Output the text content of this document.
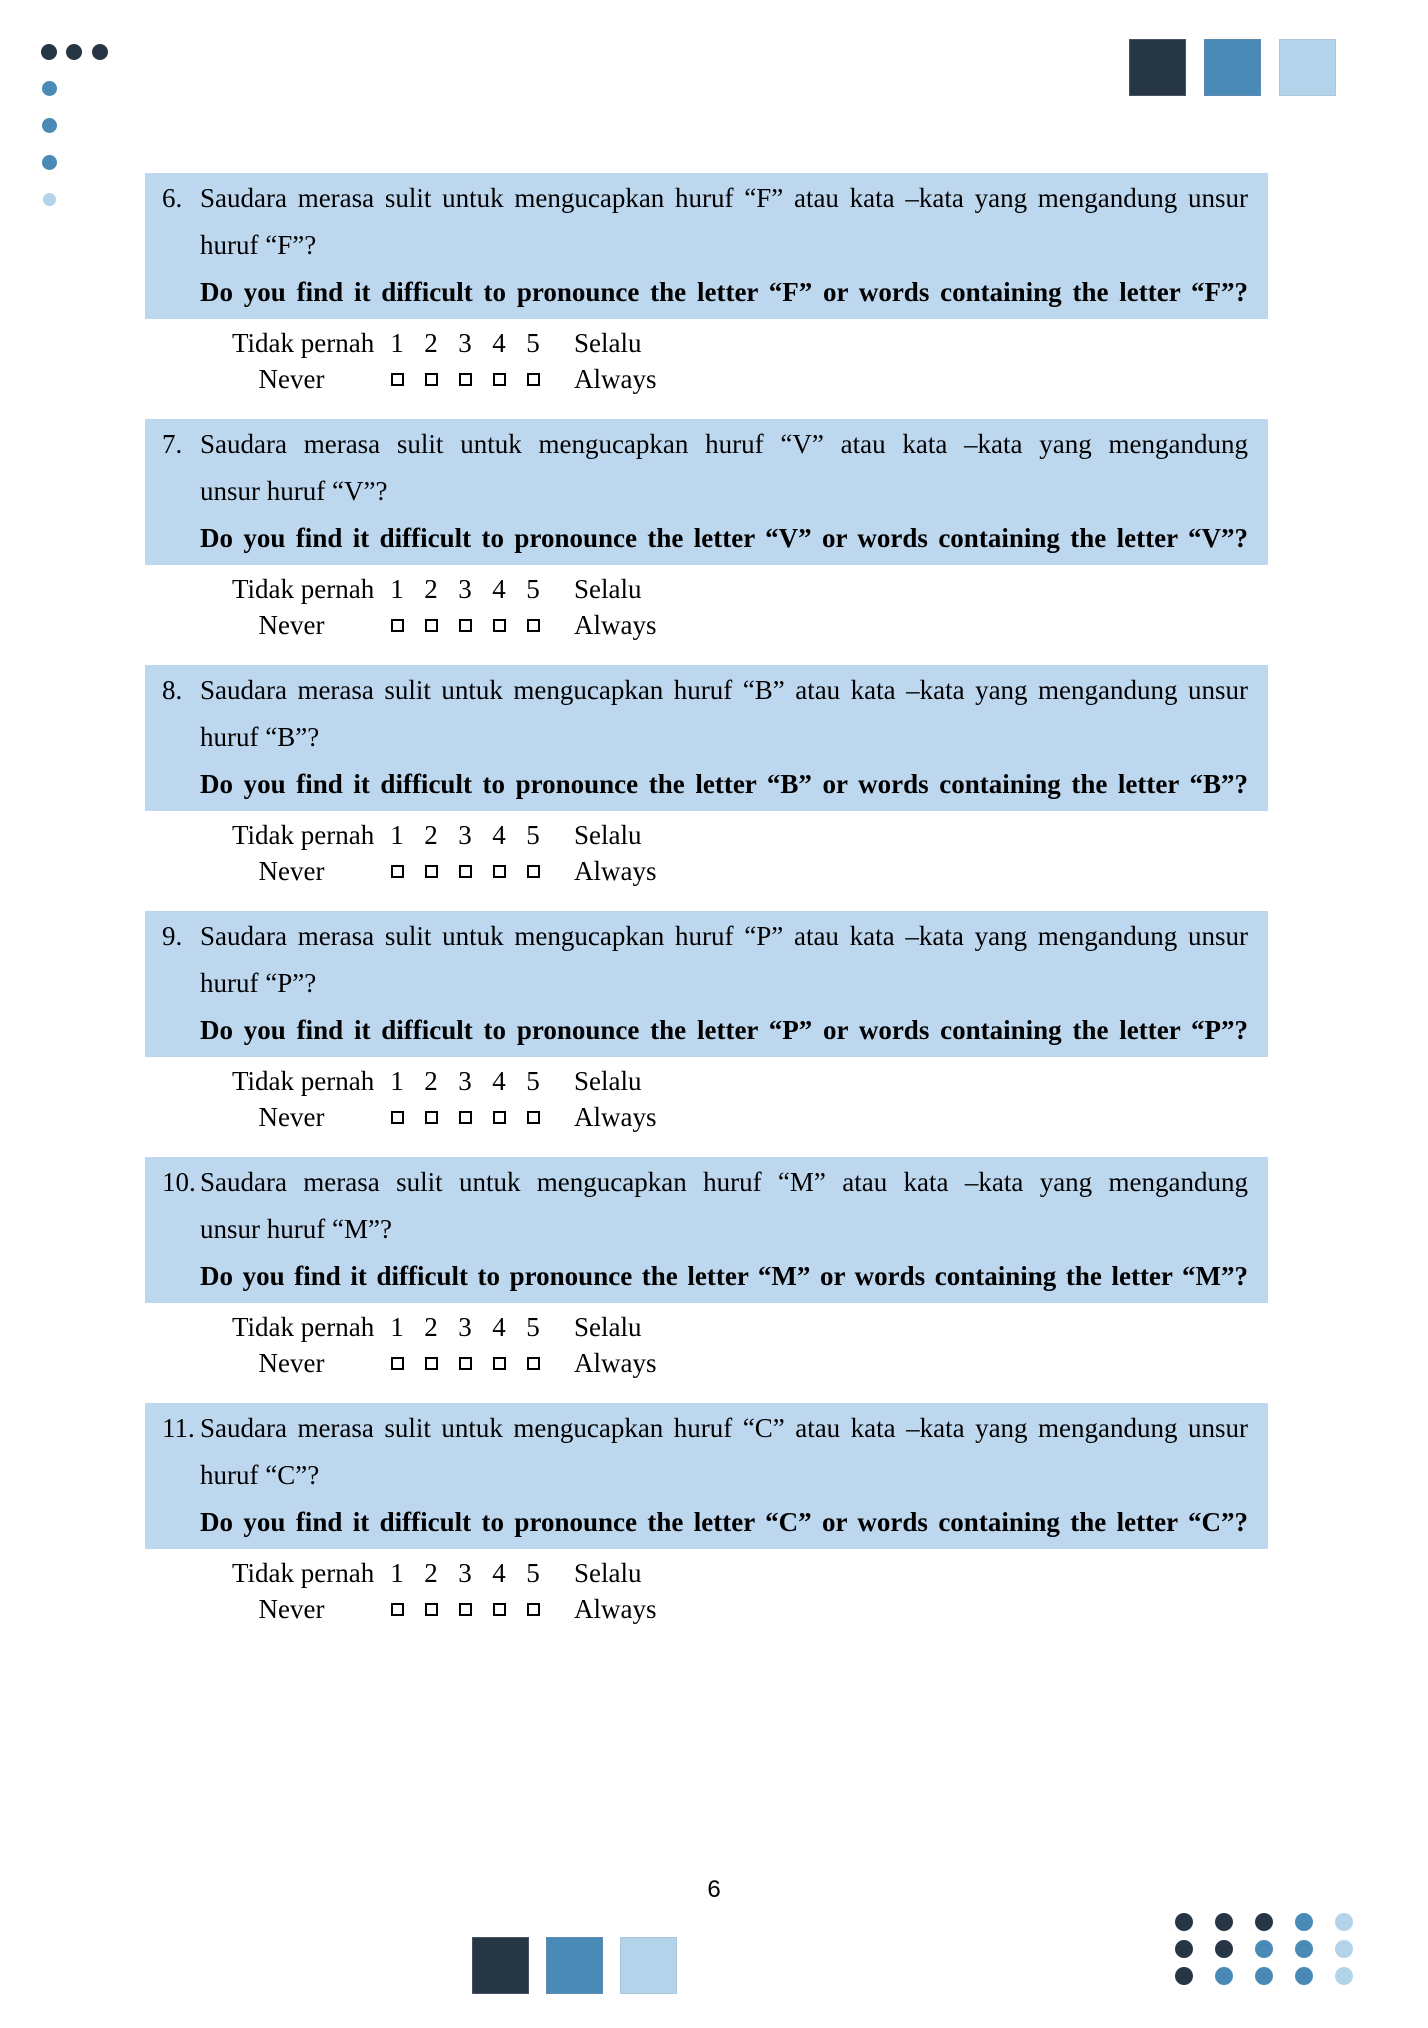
6. Saudara merasa sulit untuk mengucapkan huruf “F” atau kata –kata yang mengandung unsur
huruf “F”?
Do you find it difficult to pronounce the letter “F” or words containing the letter “F”?
Tidak pernah 1 2 3 4 5	Selalu
Never	Always
7. Saudara merasa sulit untuk mengucapkan huruf “V” atau kata –kata yang mengandung
unsur huruf “V”?
Do you find it difficult to pronounce the letter “V” or words containing the letter “V”?
Tidak pernah 1 2 3 4 5	Selalu
Never	Always
8. Saudara merasa sulit untuk mengucapkan huruf “B” atau kata –kata yang mengandung unsur
huruf “B”?
Do you find it difficult to pronounce the letter “B” or words containing the letter “B”?
Tidak pernah 1 2 3 4 5	Selalu
Never	Always
9. Saudara merasa sulit untuk mengucapkan huruf “P” atau kata –kata yang mengandung unsur
huruf “P”?
Do you find it difficult to pronounce the letter “P” or words containing the letter “P”?
Tidak pernah 1 2 3 4 5	Selalu
Never	Always
10. Saudara merasa sulit untuk mengucapkan huruf “M” atau kata –kata yang mengandung
unsur huruf “M”?
Do you find it difficult to pronounce the letter “M” or words containing the letter “M”?
Tidak pernah 1 2 3 4 5	Selalu
Never	Always
11. Saudara merasa sulit untuk mengucapkan huruf “C” atau kata –kata yang mengandung unsur
huruf “C”?
Do you find it difficult to pronounce the letter “C” or words containing the letter “C”?
Tidak pernah 1 2 3 4 5	Selalu
Never	Always
6
